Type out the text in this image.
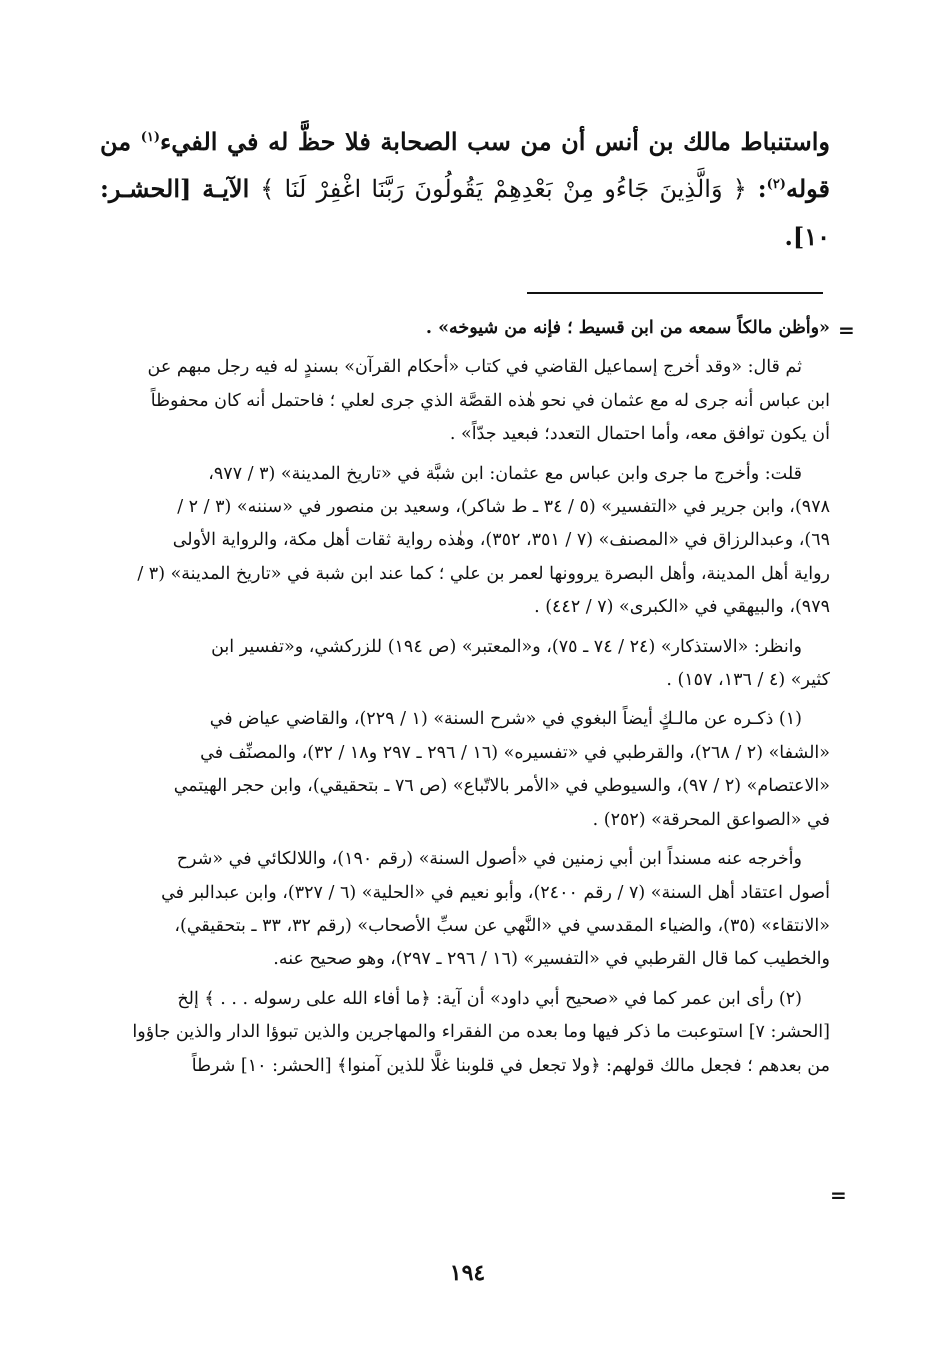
واستنباط مالك بن أنس أن من سب الصحابة فلا حظَّ له في الفيء$^{(١)}$ من قوله$^{(٢)}$: ﴿ وَالَّذِينَ جَاءُو مِنْ بَعْدِهِمْ يَقُولُونَ رَبَّنَا اغْفِرْ لَنَا ﴾ الآيـة [الحشـر: ١٠].

=
=
«وأظن مالكاً سمعه من ابن قسيط ؛ فإنه من شيوخه» .
ثم قال: «وقد أخرج إسماعيل القاضي في كتاب «أحكام القرآن» بسندٍ له فيه رجل مبهم عن
ابن عباس أنه جرى له مع عثمان في نحو هٰذه القصَّة الذي جرى لعلي ؛ فاحتمل أنه كان محفوظاً
أن يكون توافق معه، وأما احتمال التعدد؛ فبعيد جدّاً» .
قلت: وأخرج ما جرى وابن عباس مع عثمان: ابن شبَّة في «تاريخ المدينة» (٣ / ٩٧٧،
٩٧٨)، وابن جرير في «التفسير» (٥ / ٣٤ ـ ط شاكر)، وسعيد بن منصور في «سننه» (٣ / ٢ /
٦٩)، وعبدالرزاق في «المصنف» (٧ / ٣٥١، ٣٥٢)، وهٰذه رواية ثقات أهل مكة، والرواية الأولى
رواية أهل المدينة، وأهل البصرة يروونها لعمر بن علي ؛ كما عند ابن شبة في «تاريخ المدينة» (٣ /
٩٧٩)، والبيهقي في «الكبرى» (٧ / ٤٤٢) .
وانظر: «الاستذكار» (٢٤ / ٧٤ ـ ٧٥)، و«المعتبر» (ص ١٩٤) للزركشي، و«تفسير ابن
كثير» (٤ / ١٣٦، ١٥٧) .
(١) ذكـره عن مالـكٍ أيضاً البغوي في «شرح السنة» (١ / ٢٢٩)، والقاضي عياض في
«الشفا» (٢ / ٢٦٨)، والقرطبي في «تفسيره» (١٦ / ٢٩٦ ـ ٢٩٧ و١٨ / ٣٢)، والمصنِّف في
«الاعتصام» (٢ / ٩٧)، والسيوطي في «الأمر بالاتّباع» (ص ٧٦ ـ بتحقيقي)، وابن حجر الهيتمي
في «الصواعق المحرقة» (٢٥٢) .
وأخرجه عنه مسنداً ابن أبي زمنين في «أصول السنة» (رقم ١٩٠)، واللالكائي في «شرح
أصول اعتقاد أهل السنة» (٧ / رقم ٢٤٠٠)، وأبو نعيم في «الحلية» (٦ / ٣٢٧)، وابن عبدالبر في
«الانتقاء» (٣٥)، والضياء المقدسي في «النَّهي عن سبِّ الأصحاب» (رقم ٣٢، ٣٣ ـ بتحقيقي)،
والخطيب كما قال القرطبي في «التفسير» (١٦ / ٢٩٦ ـ ٢٩٧)، وهو صحيح عنه.
(٢) رأى ابن عمر كما في «صحيح أبي داود» أن آية: ﴿ما أفاء الله على رسوله . . . ﴾ إلخ
[الحشر: ٧] استوعبت ما ذكر فيها وما بعده من الفقراء والمهاجرين والذين تبوؤا الدار والذين جاؤوا
من بعدهم ؛ فجعل مالك قولهم: ﴿ولا تجعل في قلوبنا غلًّا للذين آمنوا﴾ [الحشر: ١٠] شرطاً
١٩٤
